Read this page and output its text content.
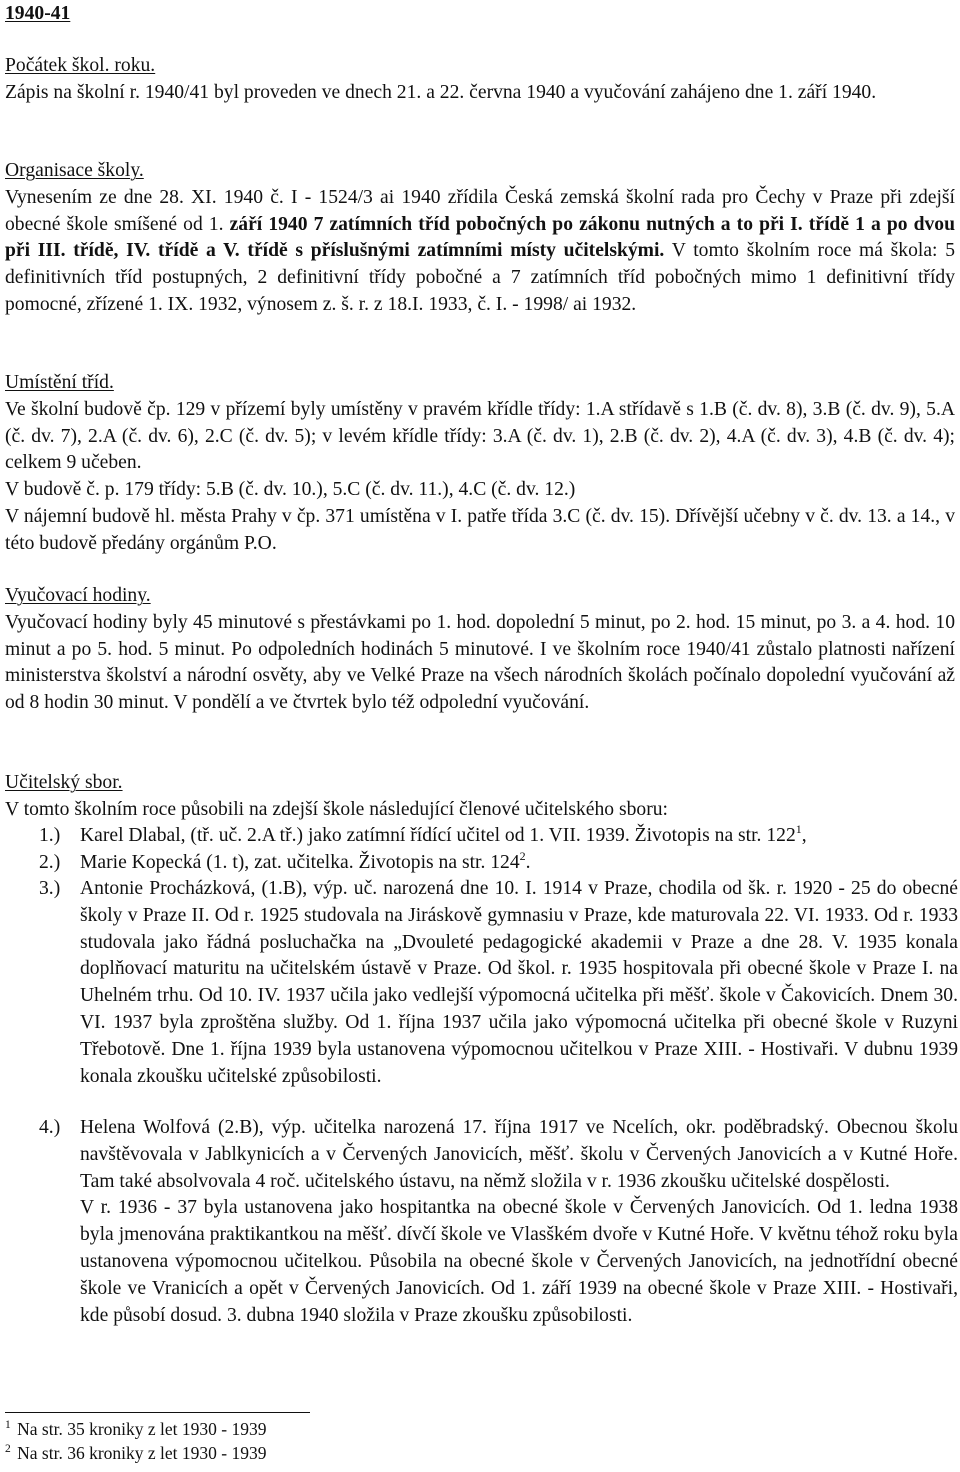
1940-41
Počátek škol. roku.
Zápis na školní r. 1940/41 byl proveden ve dnech 21. a 22. června 1940 a vyučování zahájeno dne 1. září 1940.
Organisace školy.
Vynesením ze dne 28. XI. 1940 č. I - 1524/3 ai 1940 zřídila Česká zemská školní rada pro Čechy v Praze při zdejší obecné škole smíšené od 1. září 1940 7 zatímních tříd pobočných po zákonu nutných a to při I. třídě 1 a po dvou při III. třídě, IV. třídě a V. třídě s příslušnými zatímními místy učitelskými. V tomto školním roce má škola: 5 definitivních tříd postupných, 2 definitivní třídy pobočné a 7 zatímních tříd pobočných mimo 1 definitivní třídy pomocné, zřízené 1. IX. 1932, výnosem z. š. r. z 18.I. 1933, č. I. - 1998/ ai 1932.
Umístění tříd.
Ve školní budově čp. 129 v přízemí byly umístěny v pravém křídle třídy: 1.A střídavě s 1.B (č. dv. 8), 3.B (č. dv. 9), 5.A (č. dv. 7), 2.A (č. dv. 6), 2.C (č. dv. 5); v levém křídle třídy: 3.A (č. dv. 1), 2.B (č. dv. 2), 4.A (č. dv. 3), 4.B (č. dv. 4); celkem 9 učeben.
V budově č. p. 179 třídy: 5.B (č. dv. 10.), 5.C (č. dv. 11.), 4.C (č. dv. 12.)
V nájemní budově hl. města Prahy v čp. 371 umístěna v I. patře třída 3.C (č. dv. 15). Dřívější učebny v č. dv. 13. a 14., v této budově předány orgánům P.O.
Vyučovací hodiny.
Vyučovací hodiny byly 45 minutové s přestávkami po 1. hod. dopolední 5 minut, po 2. hod. 15 minut, po 3. a 4. hod. 10 minut a po 5. hod. 5 minut. Po odpoledních hodinách 5 minutové. I ve školním roce 1940/41 zůstalo platnosti nařízení ministerstva školství a národní osvěty, aby ve Velké Praze na všech národních školách počínalo dopolední vyučování až od 8 hodin 30 minut. V pondělí a ve čtvrtek bylo též odpolední vyučování.
Učitelský sbor.
V tomto školním roce působili na zdejší škole následující členové učitelského sboru:
1.)	Karel Dlabal, (tř. uč. 2.A tř.) jako zatímní řídící učitel od 1. VII. 1939. Životopis na str. $122^1$,
2.)	Marie Kopecká (1. t), zat. učitelka. Životopis na str. $124^2$.
3.)	Antonie Procházková, (1.B), výp. uč. narozená dne 10. I. 1914 v Praze, chodila od šk. r. 1920 - 25 do obecné školy v Praze II. Od r. 1925 studovala na Jiráskově gymnasiu v Praze, kde maturovala 22. VI. 1933. Od r. 1933 studovala jako řádná posluchačka na „Dvouleté pedagogické akademii v Praze a dne 28. V. 1935 konala doplňovací maturitu na učitelském ústavě v Praze. Od škol. r. 1935 hospitovala při obecné škole v Praze I. na Uhelném trhu. Od 10. IV. 1937 učila jako vedlejší výpomocná učitelka při měšť. škole v Čakovicích. Dnem 30. VI. 1937 byla zproštěna služby. Od 1. října 1937 učila jako výpomocná učitelka při obecné škole v Ruzyni Třebotově. Dne 1. října 1939 byla ustanovena výpomocnou učitelkou v Praze XIII. - Hostivaři. V dubnu 1939 konala zkoušku učitelské způsobilosti.
4.)	Helena Wolfová (2.B), výp. učitelka narozená 17. října 1917 ve Ncelích, okr. poděbradský. Obecnou školu navštěvovala v Jablkynicích a v Červených Janovicích, měšť. školu v Červených Janovicích a v Kutné Hoře. Tam také absolvovala 4 roč. učitelského ústavu, na němž složila v r. 1936 zkoušku učitelské dospělosti.
V r. 1936 - 37 byla ustanovena jako hospitantka na obecné škole v Červených Janovicích. Od 1. ledna 1938 byla jmenována praktikantkou na měšť. dívčí škole ve Vlasškém dvoře v Kutné Hoře. V květnu téhož roku byla ustanovena výpomocnou učitelkou. Působila na obecné škole v Červených Janovicích, na jednotřídní obecné škole ve Vranicích a opět v Červených Janovicích. Od 1. září 1939 na obecné škole v Praze XIII. - Hostivaři, kde působí dosud. 3. dubna 1940 složila v Praze zkoušku způsobilosti.
$^1$ Na str. 35 kroniky z let 1930 - 1939
$^2$ Na str. 36 kroniky z let 1930 - 1939
